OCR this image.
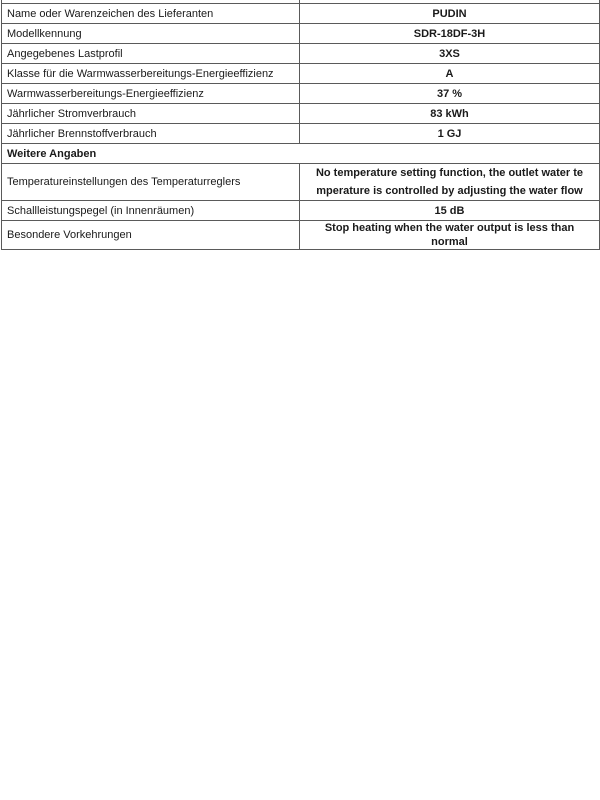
Name oder Warenzeichen des Lieferanten	PUDIN
Modellkennung	SDR-18DF-3H
Angegebenes Lastprofil	3XS
Klasse für die Warmwasserbereitungs-Energieeffizienz	A
Warmwasserbereitungs-Energieeffizienz	37 %
Jährlicher Stromverbrauch	83 kWh
Jährlicher Brennstoffverbrauch	1 GJ
Weitere Angaben	
Temperatureinstellungen des Temperaturreglers	No temperature setting function, the outlet water te
mperature is controlled by adjusting the water flow

Schallleistungspegel (in Innenräumen)	15 dB
Besondere Vorkehrungen	Stop heating when the water output is less than normal
